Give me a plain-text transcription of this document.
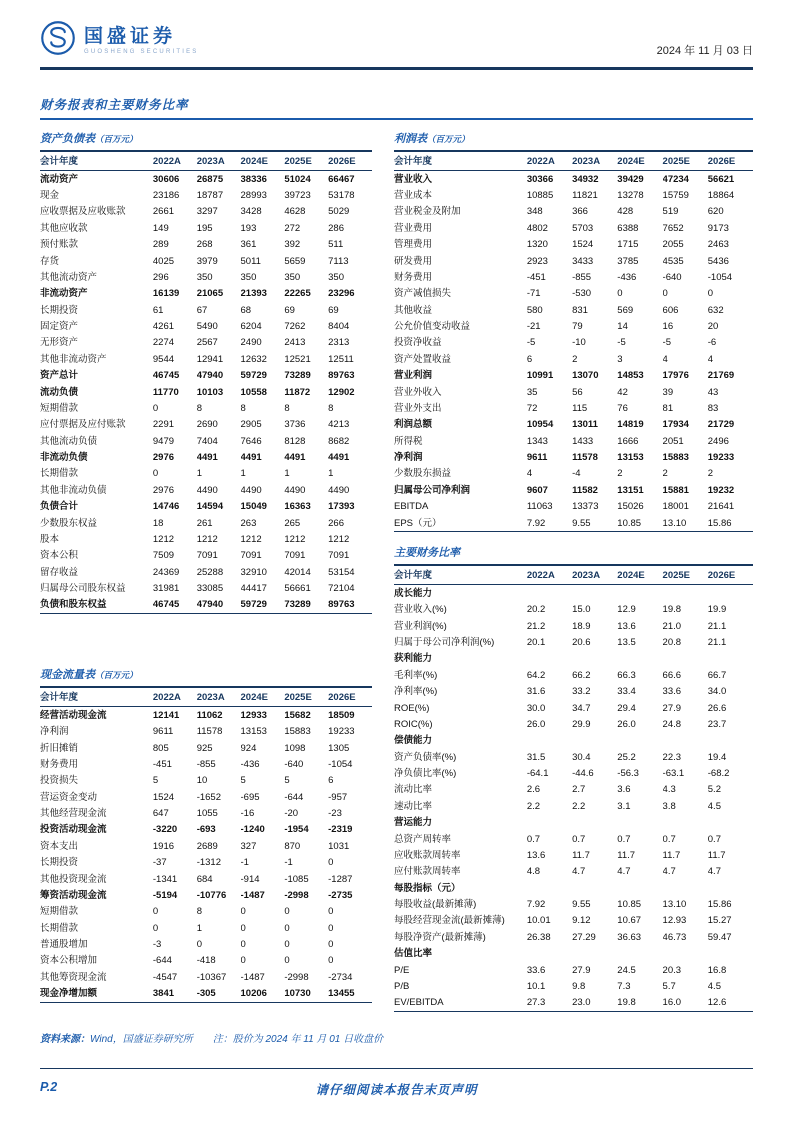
国盛证券
GUOSHENG SECURITIES	2024 年 11 月 03 日
财务报表和主要财务比率
资产负债表（百万元）
会计年度	2022A	2023A	2024E	2025E	2026E
流动资产	30606	26875	38336	51024	66467
现金	23186	18787	28993	39723	53178
应收票据及应收账款	2661	3297	3428	4628	5029
其他应收款	149	195	193	272	286
预付账款	289	268	361	392	511
存货	4025	3979	5011	5659	7113
其他流动资产	296	350	350	350	350
非流动资产	16139	21065	21393	22265	23296
长期投资	61	67	68	69	69
固定资产	4261	5490	6204	7262	8404
无形资产	2274	2567	2490	2413	2313
其他非流动资产	9544	12941	12632	12521	12511
资产总计	46745	47940	59729	73289	89763
流动负债	11770	10103	10558	11872	12902
短期借款	0	8	8	8	8
应付票据及应付账款	2291	2690	2905	3736	4213
其他流动负债	9479	7404	7646	8128	8682
非流动负债	2976	4491	4491	4491	4491
长期借款	0	1	1	1	1
其他非流动负债	2976	4490	4490	4490	4490
负债合计	14746	14594	15049	16363	17393
少数股东权益	18	261	263	265	266
股本	1212	1212	1212	1212	1212
资本公积	7509	7091	7091	7091	7091
留存收益	24369	25288	32910	42014	53154
归属母公司股东权益	31981	33085	44417	56661	72104
负债和股东权益	46745	47940	59729	73289	89763
现金流量表（百万元）
会计年度	2022A	2023A	2024E	2025E	2026E
经营活动现金流	12141	11062	12933	15682	18509
净利润	9611	11578	13153	15883	19233
折旧摊销	805	925	924	1098	1305
财务费用	-451	-855	-436	-640	-1054
投资损失	5	10	5	5	6
营运资金变动	1524	-1652	-695	-644	-957
其他经营现金流	647	1055	-16	-20	-23
投资活动现金流	-3220	-693	-1240	-1954	-2319
资本支出	1916	2689	327	870	1031
长期投资	-37	-1312	-1	-1	0
其他投资现金流	-1341	684	-914	-1085	-1287
筹资活动现金流	-5194	-10776	-1487	-2998	-2735
短期借款	0	8	0	0	0
长期借款	0	1	0	0	0
普通股增加	-3	0	0	0	0
资本公积增加	-644	-418	0	0	0
其他筹资现金流	-4547	-10367	-1487	-2998	-2734
现金净增加额	3841	-305	10206	10730	13455
利润表（百万元）
会计年度	2022A	2023A	2024E	2025E	2026E
营业收入	30366	34932	39429	47234	56621
营业成本	10885	11821	13278	15759	18864
营业税金及附加	348	366	428	519	620
营业费用	4802	5703	6388	7652	9173
管理费用	1320	1524	1715	2055	2463
研发费用	2923	3433	3785	4535	5436
财务费用	-451	-855	-436	-640	-1054
资产减值损失	-71	-530	0	0	0
其他收益	580	831	569	606	632
公允价值变动收益	-21	79	14	16	20
投资净收益	-5	-10	-5	-5	-6
资产处置收益	6	2	3	4	4
营业利润	10991	13070	14853	17976	21769
营业外收入	35	56	42	39	43
营业外支出	72	115	76	81	83
利润总额	10954	13011	14819	17934	21729
所得税	1343	1433	1666	2051	2496
净利润	9611	11578	13153	15883	19233
少数股东损益	4	-4	2	2	2
归属母公司净利润	9607	11582	13151	15881	19232
EBITDA	11063	13373	15026	18001	21641
EPS（元）	7.92	9.55	10.85	13.10	15.86
主要财务比率
会计年度	2022A	2023A	2024E	2025E	2026E
成长能力					
营业收入(%)	20.2	15.0	12.9	19.8	19.9
营业利润(%)	21.2	18.9	13.6	21.0	21.1
归属于母公司净利润(%)	20.1	20.6	13.5	20.8	21.1
获利能力					
毛利率(%)	64.2	66.2	66.3	66.6	66.7
净利率(%)	31.6	33.2	33.4	33.6	34.0
ROE(%)	30.0	34.7	29.4	27.9	26.6
ROIC(%)	26.0	29.9	26.0	24.8	23.7
偿债能力					
资产负债率(%)	31.5	30.4	25.2	22.3	19.4
净负债比率(%)	-64.1	-44.6	-56.3	-63.1	-68.2
流动比率	2.6	2.7	3.6	4.3	5.2
速动比率	2.2	2.2	3.1	3.8	4.5
营运能力					
总资产周转率	0.7	0.7	0.7	0.7	0.7
应收账款周转率	13.6	11.7	11.7	11.7	11.7
应付账款周转率	4.8	4.7	4.7	4.7	4.7
每股指标（元）					
每股收益(最新摊薄)	7.92	9.55	10.85	13.10	15.86
每股经营现金流(最新摊薄)	10.01	9.12	10.67	12.93	15.27
每股净资产(最新摊薄)	26.38	27.29	36.63	46.73	59.47
估值比率					
P/E	33.6	27.9	24.5	20.3	16.8
P/B	10.1	9.8	7.3	5.7	4.5
EV/EBITDA	27.3	23.0	19.8	16.0	12.6
资料来源：Wind，国盛证券研究所　　注：股价为 2024 年 11 月 01 日收盘价
P.2	请仔细阅读本报告末页声明
